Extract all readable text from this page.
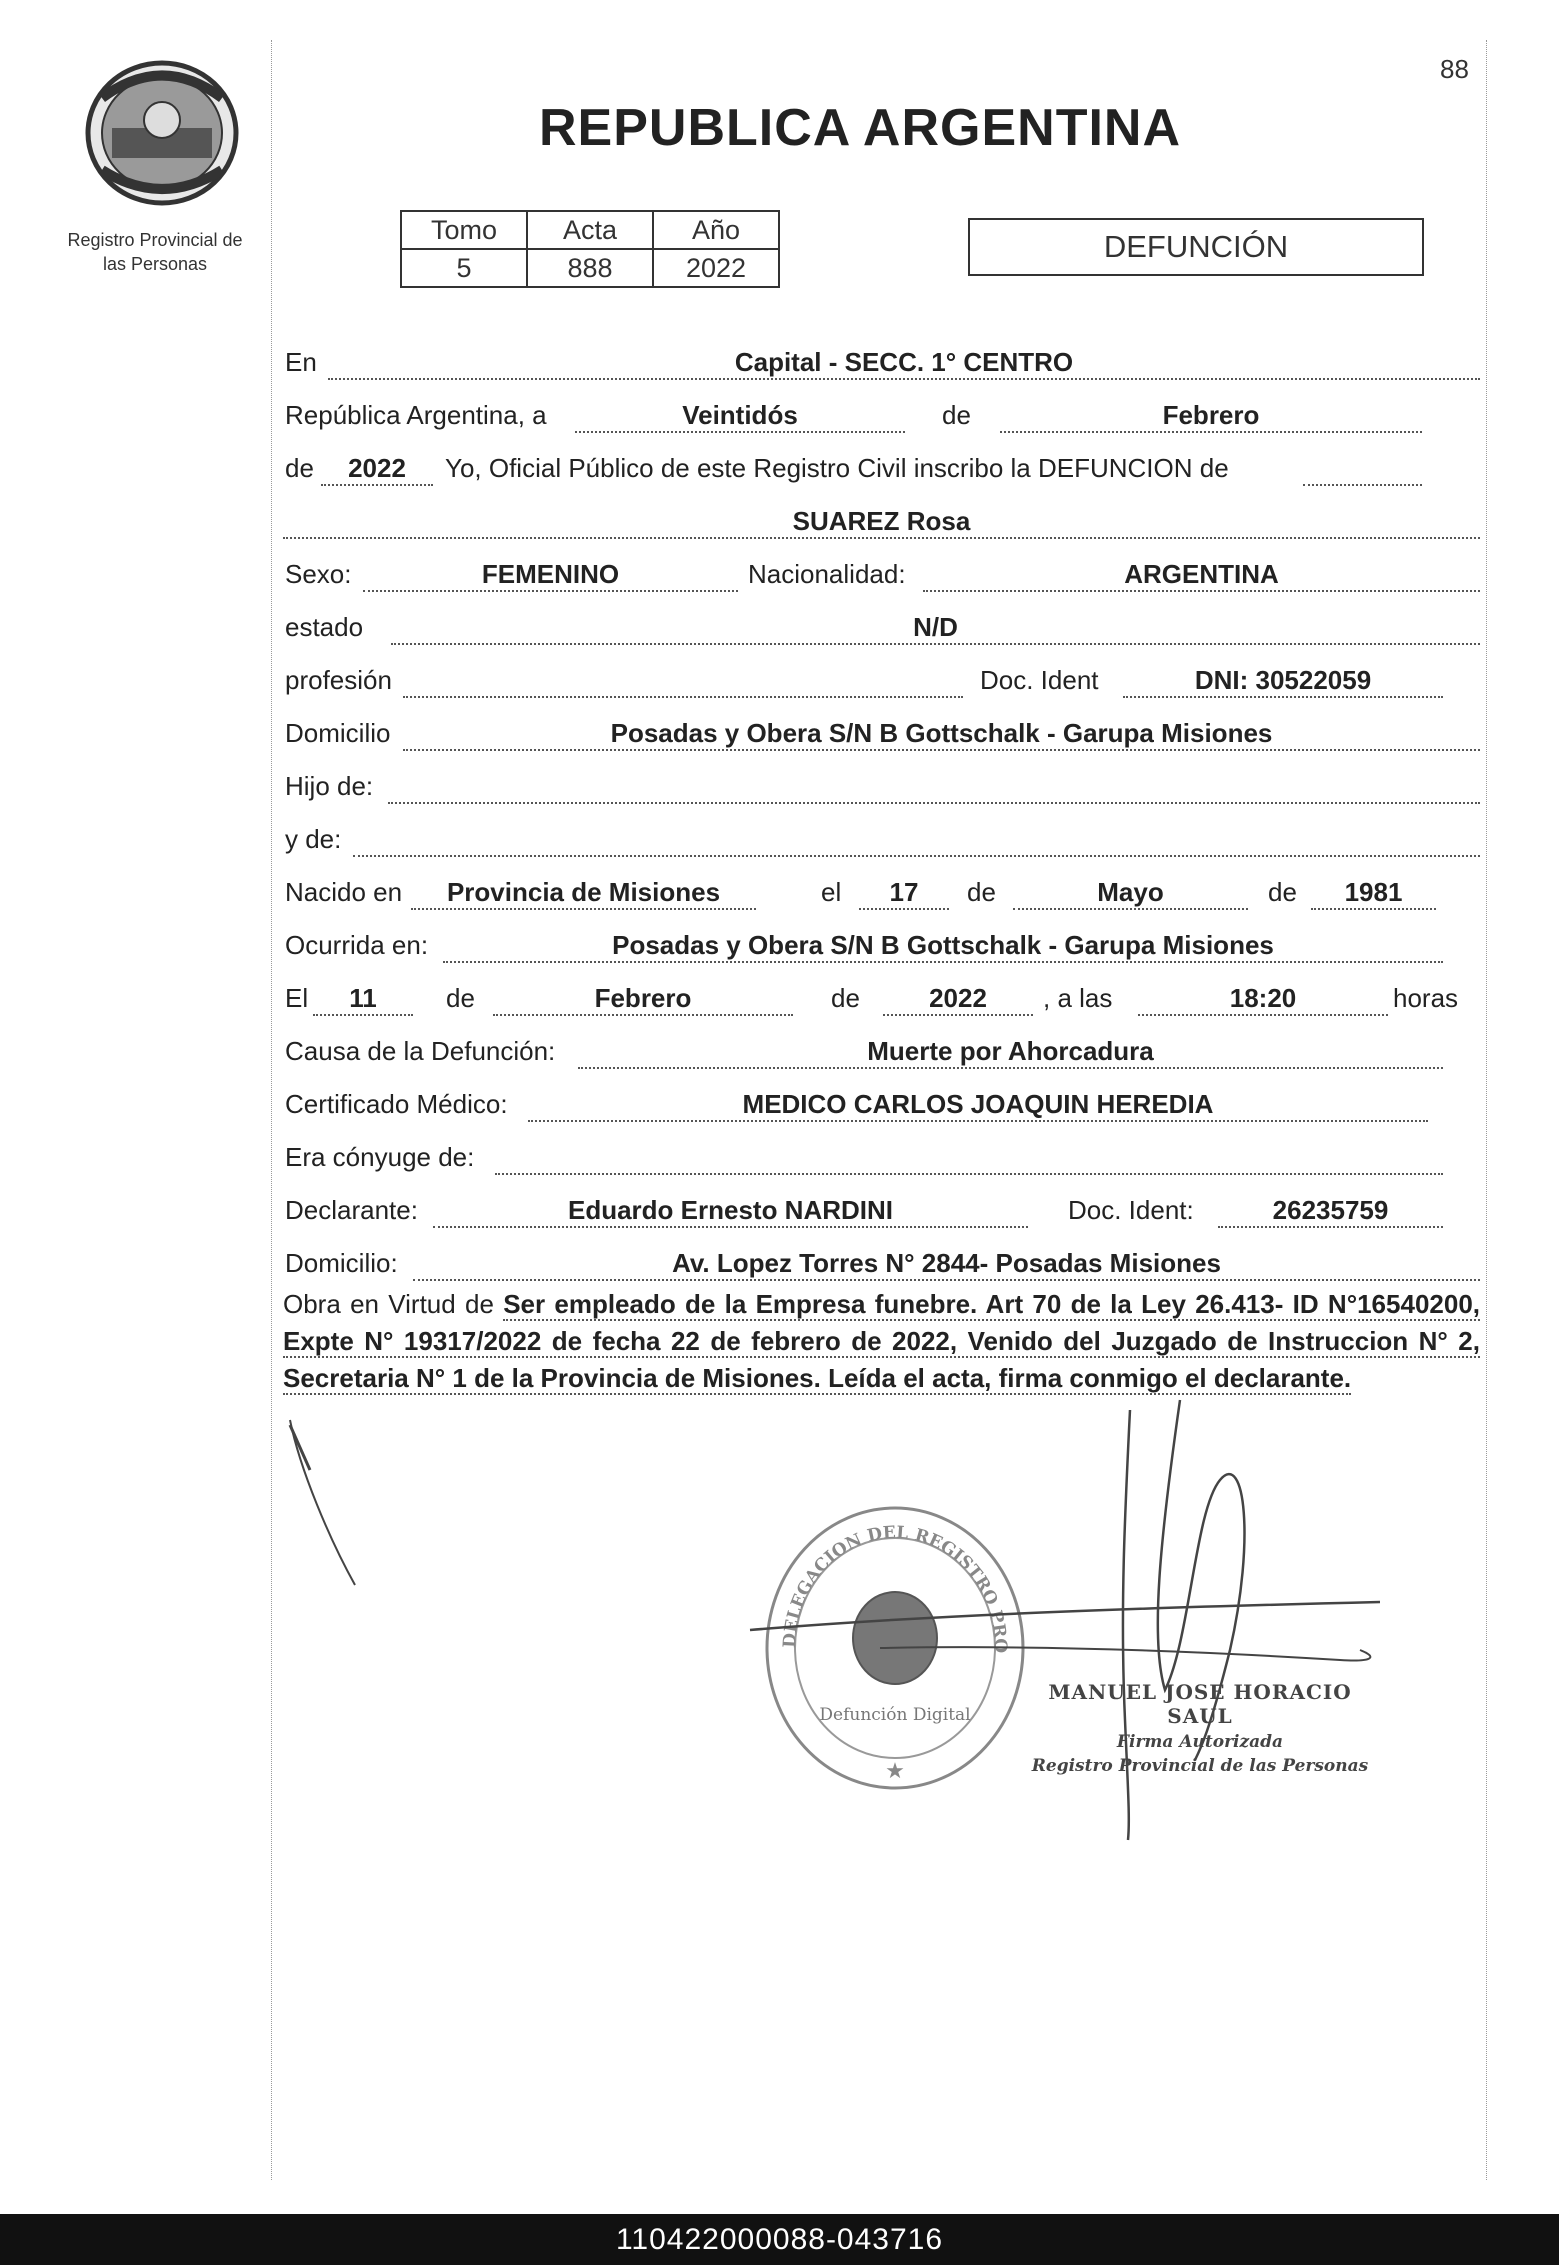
88
Registro Provincial de
las Personas
REPUBLICA ARGENTINA
Tomo	Acta	Año
5	888	2022
DEFUNCIÓN
En	Capital - SECC. 1° CENTRO
República Argentina, a	Veintidós	de	Febrero
de	2022	Yo, Oficial Público de este Registro Civil inscribo la DEFUNCION de
SUAREZ Rosa
Sexo:	FEMENINO	Nacionalidad:	ARGENTINA
estado	N/D
profesión	Doc. Ident	DNI: 30522059
Domicilio	Posadas y Obera S/N B Gottschalk - Garupa Misiones
Hijo de:
y de:
Nacido en	Provincia de Misiones	el	17	de	Mayo	de	1981
Ocurrida en:	Posadas y Obera S/N B Gottschalk - Garupa Misiones
El	11	de	Febrero	de	2022	, a las	18:20	horas
Causa de la Defunción:	Muerte por Ahorcadura
Certificado Médico:	MEDICO CARLOS JOAQUIN HEREDIA
Era cónyuge de:
Declarante:	Eduardo Ernesto NARDINI	Doc. Ident:	26235759
Domicilio:	Av. Lopez Torres N° 2844- Posadas Misiones
Obra en Virtud de Ser empleado de la Empresa funebre. Art 70 de la Ley 26.413- ID N°16540200, Expte N° 19317/2022 de fecha 22 de febrero de 2022, Venido del Juzgado de Instruccion N° 2, Secretaria N° 1 de la Provincia de Misiones. Leída el acta, firma conmigo el declarante.
DELEGACION DEL REGISTRO PRO
Defunción Digital
★
MANUEL JOSE HORACIO SAUL
Firma Autorizada
Registro Provincial de las Personas
110422000088-043716
